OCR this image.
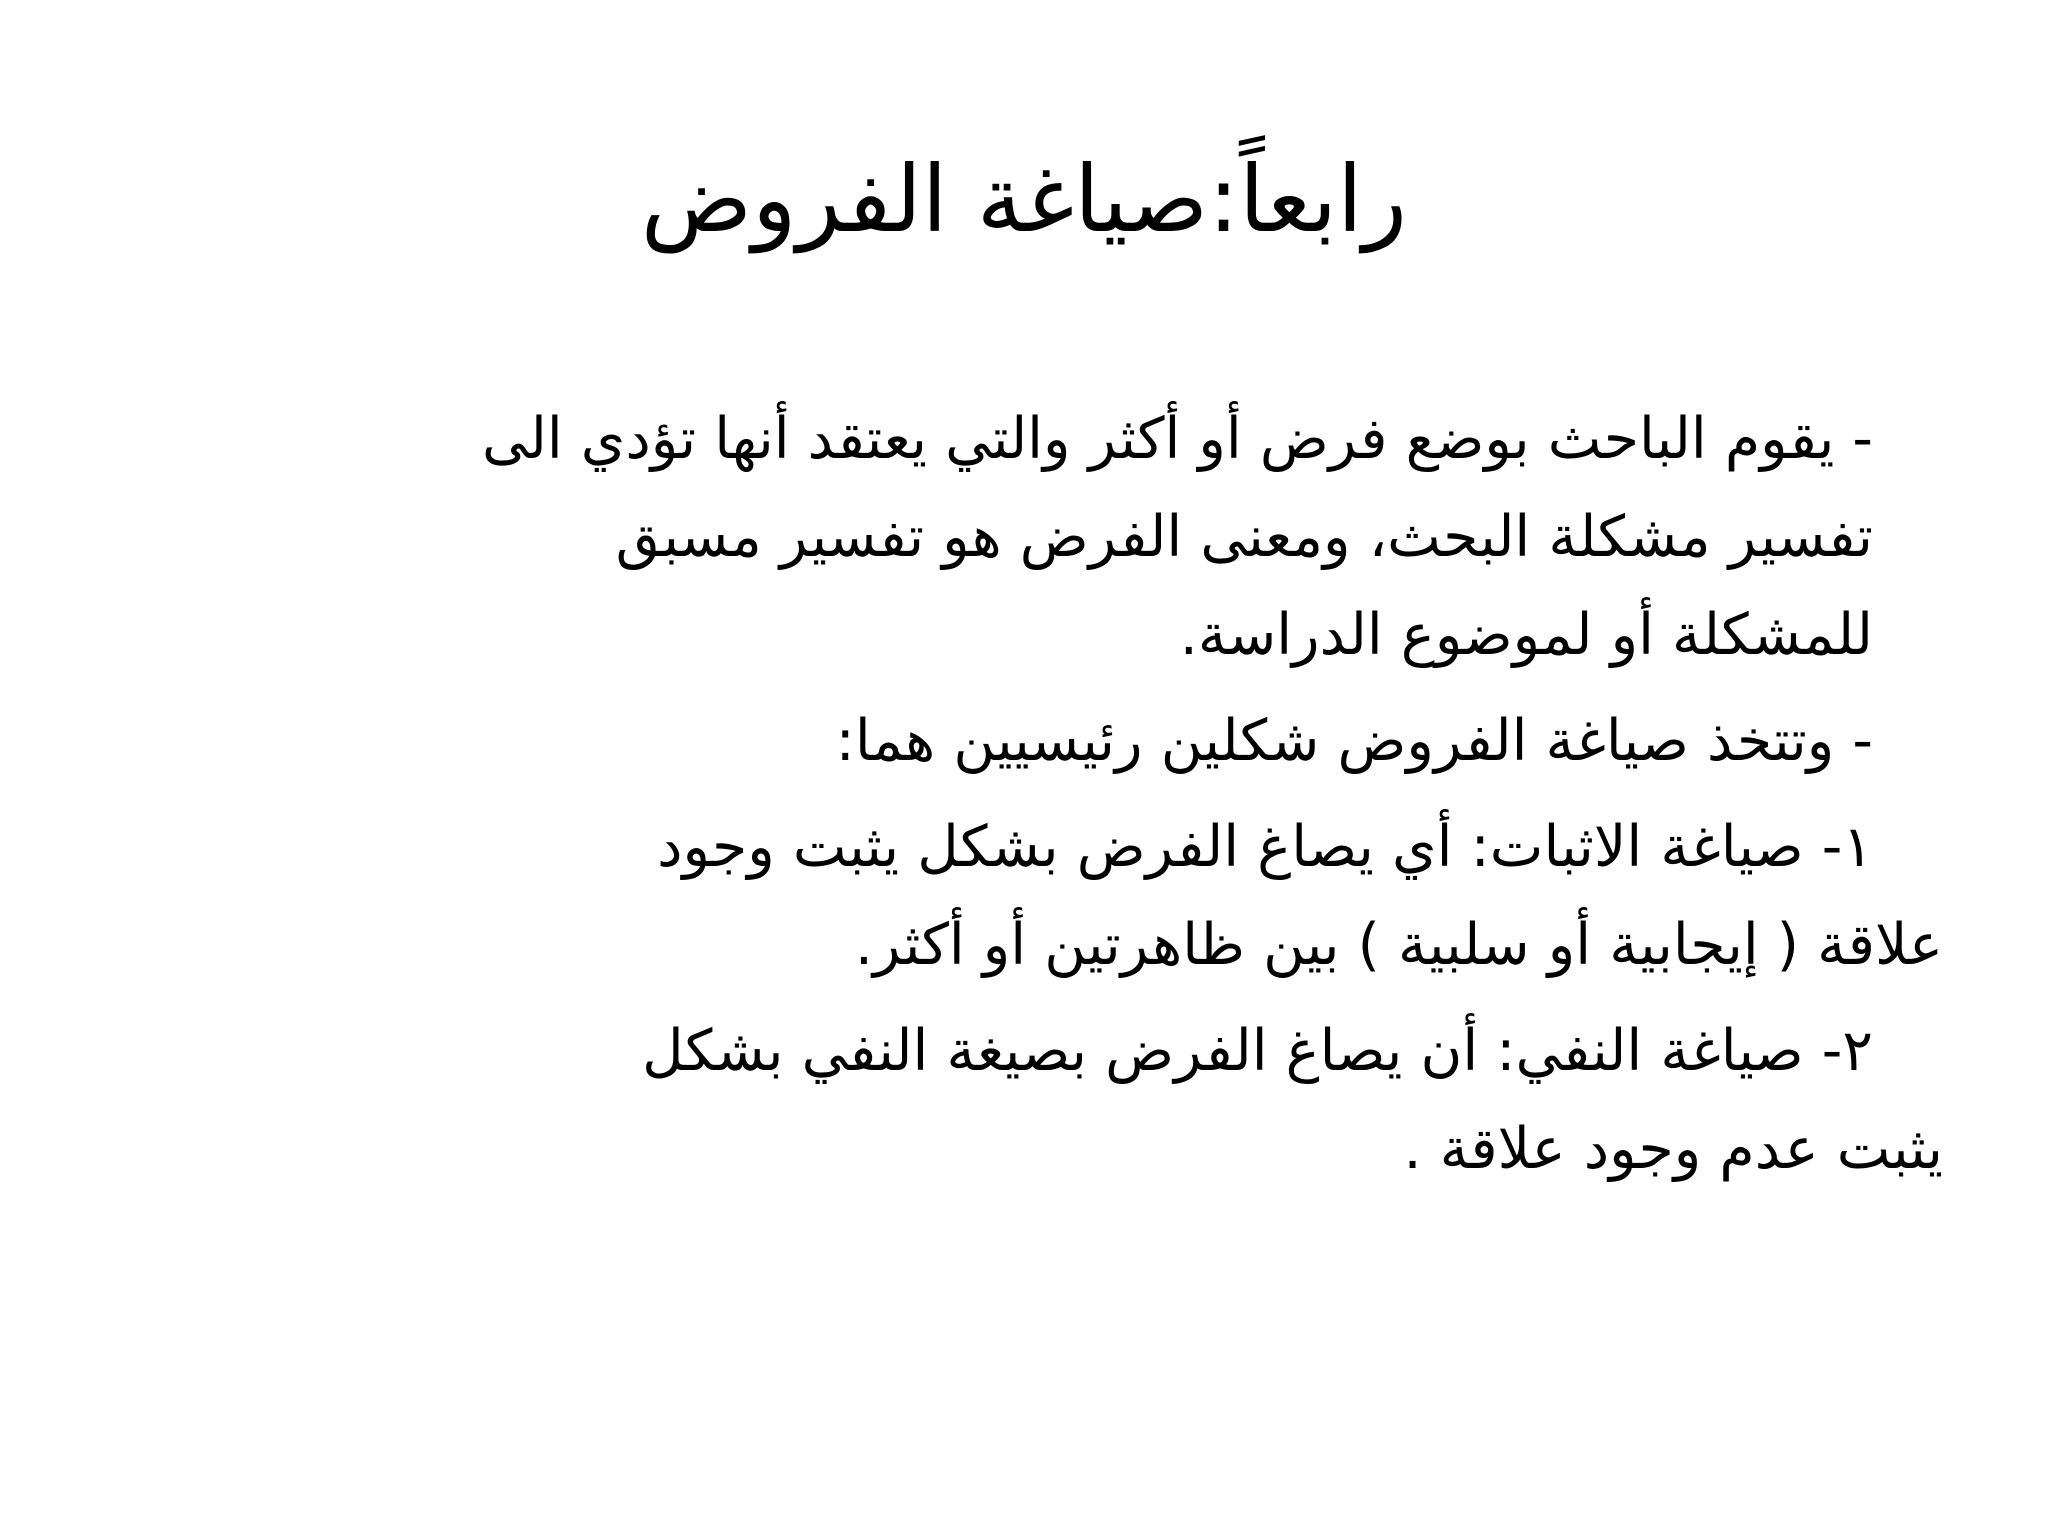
رابعاً:صياغة الفروض
- يقوم الباحث بوضع فرض أو أكثر والتي يعتقد أنها تؤدي الى
تفسير مشكلة البحث، ومعنى الفرض هو تفسير مسبق
للمشكلة أو لموضوع الدراسة.
- وتتخذ صياغة الفروض شكلين رئيسيين هما:
١- صياغة الاثبات: أي يصاغ الفرض بشكل يثبت وجود
علاقة ( إيجابية أو سلبية ) بين ظاهرتين أو أكثر.
٢- صياغة النفي: أن يصاغ الفرض بصيغة النفي بشكل
يثبت عدم وجود علاقة .
